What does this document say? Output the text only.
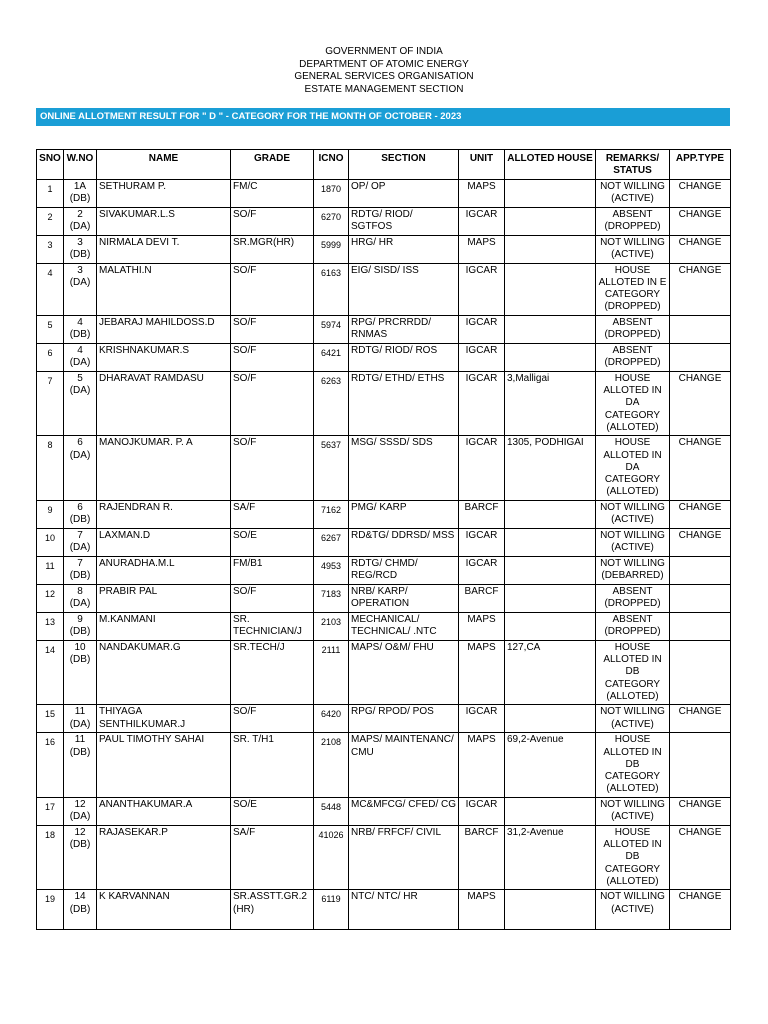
GOVERNMENT OF INDIA
DEPARTMENT OF ATOMIC ENERGY
GENERAL SERVICES ORGANISATION
ESTATE MANAGEMENT SECTION
ONLINE ALLOTMENT RESULT FOR " D " - CATEGORY FOR THE MONTH OF OCTOBER - 2023
SNO	W.NO	NAME	GRADE	ICNO	SECTION	UNIT	ALLOTED HOUSE	REMARKS/ STATUS	APP.TYPE
1	1A (DB)	SETHURAM P.	FM/C	1870	OP/ OP	MAPS		NOT WILLING (ACTIVE)	CHANGE
2	2 (DA)	SIVAKUMAR.L.S	SO/F	6270	RDTG/ RIOD/ SGTFOS	IGCAR		ABSENT (DROPPED)	CHANGE
3	3 (DB)	NIRMALA DEVI T.	SR.MGR(HR)	5999	HRG/ HR	MAPS		NOT WILLING (ACTIVE)	CHANGE
4	3 (DA)	MALATHI.N	SO/F	6163	EIG/ SISD/ ISS	IGCAR		HOUSE ALLOTED IN E CATEGORY (DROPPED)	CHANGE
5	4 (DB)	JEBARAJ MAHILDOSS.D	SO/F	5974	RPG/ PRCRRDD/ RNMAS	IGCAR		ABSENT (DROPPED)	
6	4 (DA)	KRISHNAKUMAR.S	SO/F	6421	RDTG/ RIOD/ ROS	IGCAR		ABSENT (DROPPED)	
7	5 (DA)	DHARAVAT RAMDASU	SO/F	6263	RDTG/ ETHD/ ETHS	IGCAR	3,Malligai	HOUSE ALLOTED IN DA CATEGORY (ALLOTED)	CHANGE
8	6 (DA)	MANOJKUMAR. P. A	SO/F	5637	MSG/ SSSD/ SDS	IGCAR	1305, PODHIGAI	HOUSE ALLOTED IN DA CATEGORY (ALLOTED)	CHANGE
9	6 (DB)	RAJENDRAN R.	SA/F	7162	PMG/ KARP	BARCF		NOT WILLING (ACTIVE)	CHANGE
10	7 (DA)	LAXMAN.D	SO/E	6267	RD&TG/ DDRSD/ MSS	IGCAR		NOT WILLING (ACTIVE)	CHANGE
11	7 (DB)	ANURADHA.M.L	FM/B1	4953	RDTG/ CHMD/ REG/RCD	IGCAR		NOT WILLING (DEBARRED)	
12	8 (DA)	PRABIR PAL	SO/F	7183	NRB/ KARP/ OPERATION	BARCF		ABSENT (DROPPED)	
13	9 (DB)	M.KANMANI	SR. TECHNICIAN/J	2103	MECHANICAL/ TECHNICAL/ .NTC	MAPS		ABSENT (DROPPED)	
14	10 (DB)	NANDAKUMAR.G	SR.TECH/J	2111	MAPS/ O&M/ FHU	MAPS	127,CA	HOUSE ALLOTED IN DB CATEGORY (ALLOTED)	
15	11 (DA)	THIYAGA SENTHILKUMAR.J	SO/F	6420	RPG/ RPOD/ POS	IGCAR		NOT WILLING (ACTIVE)	CHANGE
16	11 (DB)	PAUL TIMOTHY SAHAI	SR. T/H1	2108	MAPS/ MAINTENANC/ CMU	MAPS	69,2-Avenue	HOUSE ALLOTED IN DB CATEGORY (ALLOTED)	
17	12 (DA)	ANANTHAKUMAR.A	SO/E	5448	MC&MFCG/ CFED/ CG	IGCAR		NOT WILLING (ACTIVE)	CHANGE
18	12 (DB)	RAJASEKAR.P	SA/F	41026	NRB/ FRFCF/ CIVIL	BARCF	31,2-Avenue	HOUSE ALLOTED IN DB CATEGORY (ALLOTED)	CHANGE
19	14 (DB)	K KARVANNAN	SR.ASSTT.GR.2 (HR)	6119	NTC/ NTC/ HR	MAPS		NOT WILLING (ACTIVE)	CHANGE
